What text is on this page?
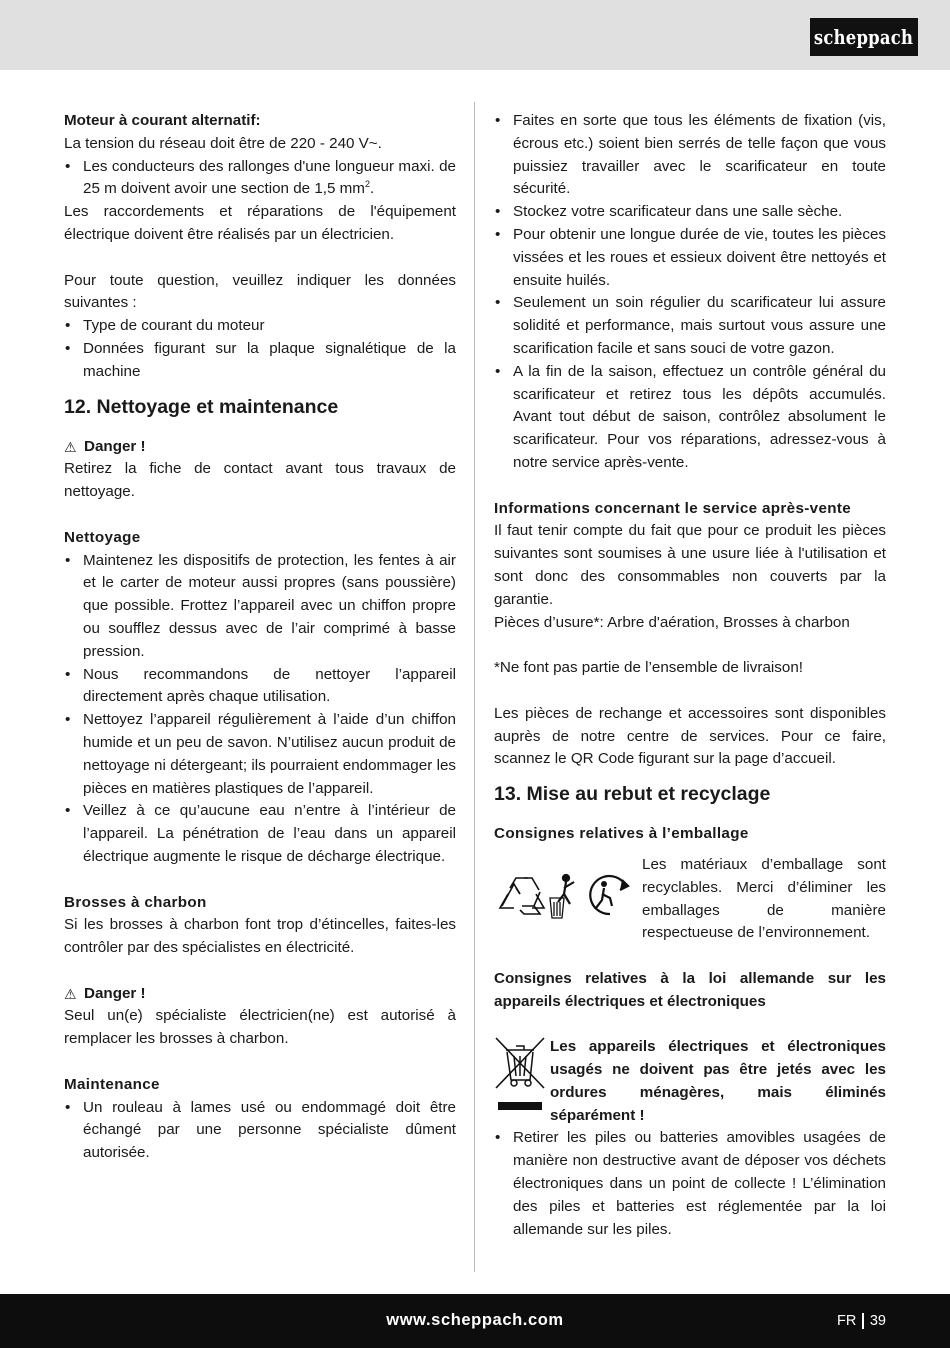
scheppach

Moteur à courant alternatif:

La tension du réseau doit être de 220 - 240 V~.

• Les conducteurs des rallonges d'une longueur maxi. de 25 m doivent avoir une section de 1,5 $mm^2$.

Les raccordements et réparations de l'équipement électrique doivent être réalisés par un électricien.

Pour toute question, veuillez indiquer les données suivantes :

• Type de courant du moteur
• Données figurant sur la plaque signalétique de la machine
12. Nettoyage et maintenance

⚠ Danger !

Retirez la fiche de contact avant tous travaux de nettoyage.

Nettoyage

• Maintenez les dispositifs de protection, les fentes à air et le carter de moteur aussi propres (sans poussière) que possible. Frottez l’appareil avec un chiffon propre ou soufflez dessus avec de l’air comprimé à basse pression.
• Nous recommandons de nettoyer l’appareil directement après chaque utilisation.
• Nettoyez l’appareil régulièrement à l’aide d’un chiffon humide et un peu de savon. N’utilisez aucun produit de nettoyage ni détergeant; ils pourraient endommager les pièces en matières plastiques de l’appareil.
• Veillez à ce qu’aucune eau n’entre à l’intérieur de l’appareil. La pénétration de l’eau dans un appareil électrique augmente le risque de décharge électrique.

Brosses à charbon

Si les brosses à charbon font trop d’étincelles, faites-les contrôler par des spécialistes en électricité.

⚠ Danger !

Seul un(e) spécialiste électricien(ne) est autorisé à remplacer les brosses à charbon.

Maintenance

• Un rouleau à lames usé ou endommagé doit être échangé par une personne spécialiste dûment autorisée.
• Faites en sorte que tous les éléments de fixation (vis, écrous etc.) soient bien serrés de telle façon que vous puissiez travailler avec le scarificateur en toute sécurité.
• Stockez votre scarificateur dans une salle sèche.
• Pour obtenir une longue durée de vie, toutes les pièces vissées et les roues et essieux doivent être nettoyés et ensuite huilés.
• Seulement un soin régulier du scarificateur lui assure solidité et performance, mais surtout vous assure une scarification facile et sans souci de votre gazon.
• A la fin de la saison, effectuez un contrôle général du scarificateur et retirez tous les dépôts accumulés. Avant tout début de saison, contrôlez absolument le scarificateur. Pour vos réparations, adressez-vous à notre service après-vente.

Informations concernant le service après-vente

Il faut tenir compte du fait que pour ce produit les pièces suivantes sont soumises à une usure liée à l'utilisation et sont donc des consommables non couverts par la garantie.

Pièces d’usure*: Arbre d'aération, Brosses à charbon

*Ne font pas partie de l’ensemble de livraison!

Les pièces de rechange et accessoires sont disponibles auprès de notre centre de services. Pour ce faire, scannez le QR Code figurant sur la page d’accueil.

13. Mise au rebut et recyclage

Consignes relatives à l’emballage

Les matériaux d’emballage sont recyclables. Merci d’éliminer les emballages de manière respectueuse de l’environnement.

Consignes relatives à la loi allemande sur les appareils électriques et électroniques

Les appareils électriques et électroniques usagés ne doivent pas être jetés avec les ordures ménagères, mais éliminés séparément !

• Retirer les piles ou batteries amovibles usagées de manière non destructive avant de déposer vos déchets électroniques dans un point de collecte ! L’élimination des piles et batteries est réglementée par la loi allemande sur les piles.
www.scheppach.com	FR 39
